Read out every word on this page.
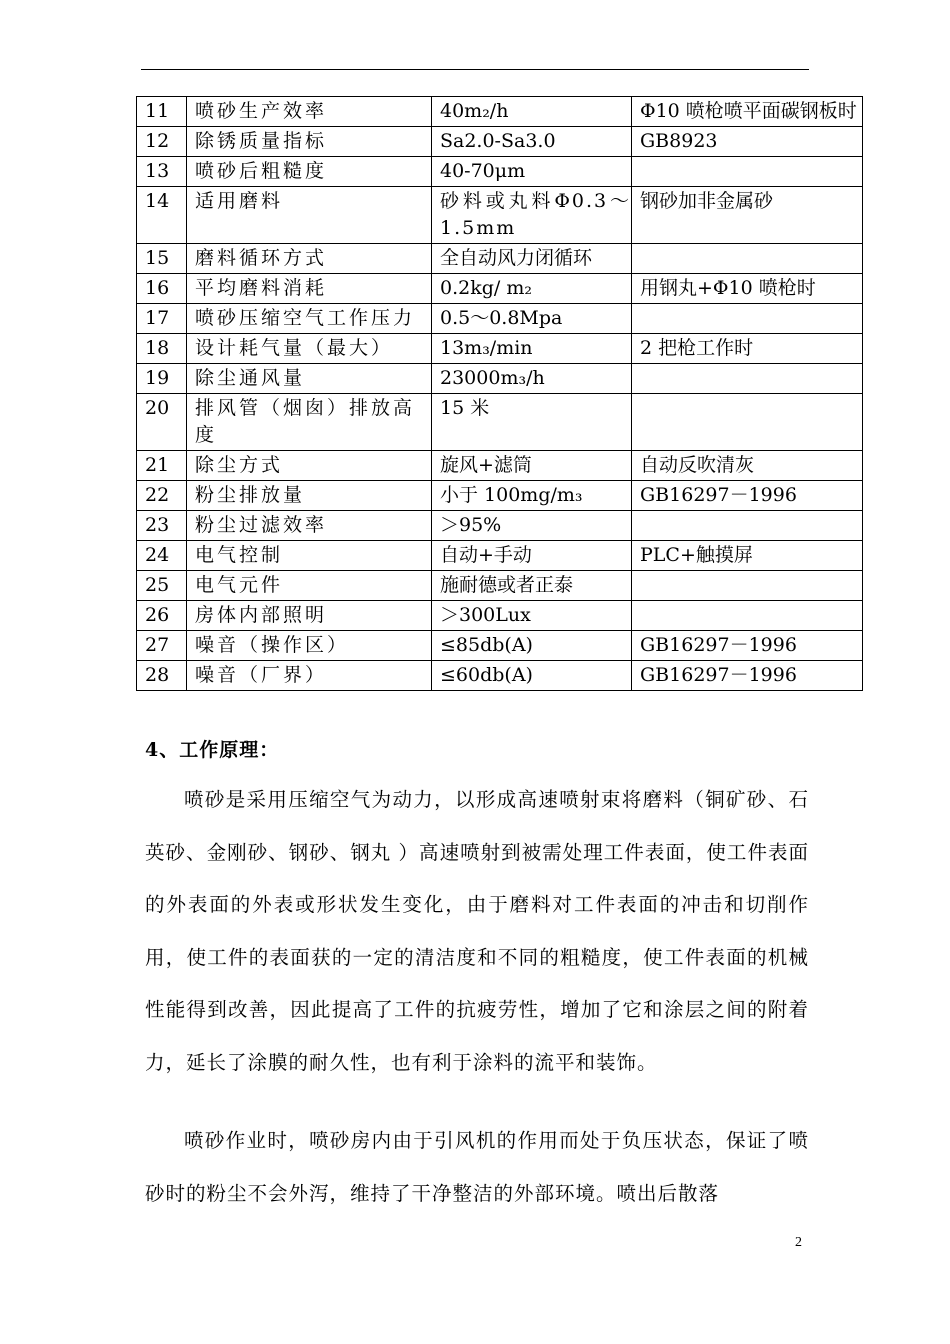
11	喷砂生产效率	40m₂/h	Φ10 喷枪喷平面碳钢板时
12	除锈质量指标	Sa2.0-Sa3.0	GB8923
13	喷砂后粗糙度	40-70μm	
14	适用磨料	砂料或丸料Φ0.3～1.5mm	钢砂加非金属砂
15	磨料循环方式	全自动风力闭循环	
16	平均磨料消耗	0.2kg/ m₂	用钢丸+Φ10 喷枪时
17	喷砂压缩空气工作压力	0.5～0.8Mpa	
18	设计耗气量（最大）	13m₃/min	2 把枪工作时
19	除尘通风量	23000m₃/h	
20	排风管（烟囱）排放高度	15 米	
21	除尘方式	旋风+滤筒	自动反吹清灰
22	粉尘排放量	小于 100mg/m₃	GB16297－1996
23	粉尘过滤效率	＞95%	
24	电气控制	自动+手动	PLC+触摸屏
25	电气元件	施耐德或者正泰	
26	房体内部照明	＞300Lux	
27	噪音（操作区）	≤85db(A)	GB16297－1996
28	噪音（厂界）	≤60db(A)	GB16297－1996
4、工作原理：

喷砂是采用压缩空气为动力，以形成高速喷射束将磨料（铜矿砂、石英砂、金刚砂、钢砂、钢丸 ）高速喷射到被需处理工件表面，使工件表面的外表面的外表或形状发生变化，由于磨料对工件表面的冲击和切削作用，使工件的表面获的一定的清洁度和不同的粗糙度，使工件表面的机械性能得到改善，因此提高了工件的抗疲劳性，增加了它和涂层之间的附着力，延长了涂膜的耐久性，也有利于涂料的流平和装饰。

喷砂作业时，喷砂房内由于引风机的作用而处于负压状态，保证了喷砂时的粉尘不会外泻，维持了干净整洁的外部环境。喷出后散落

2
